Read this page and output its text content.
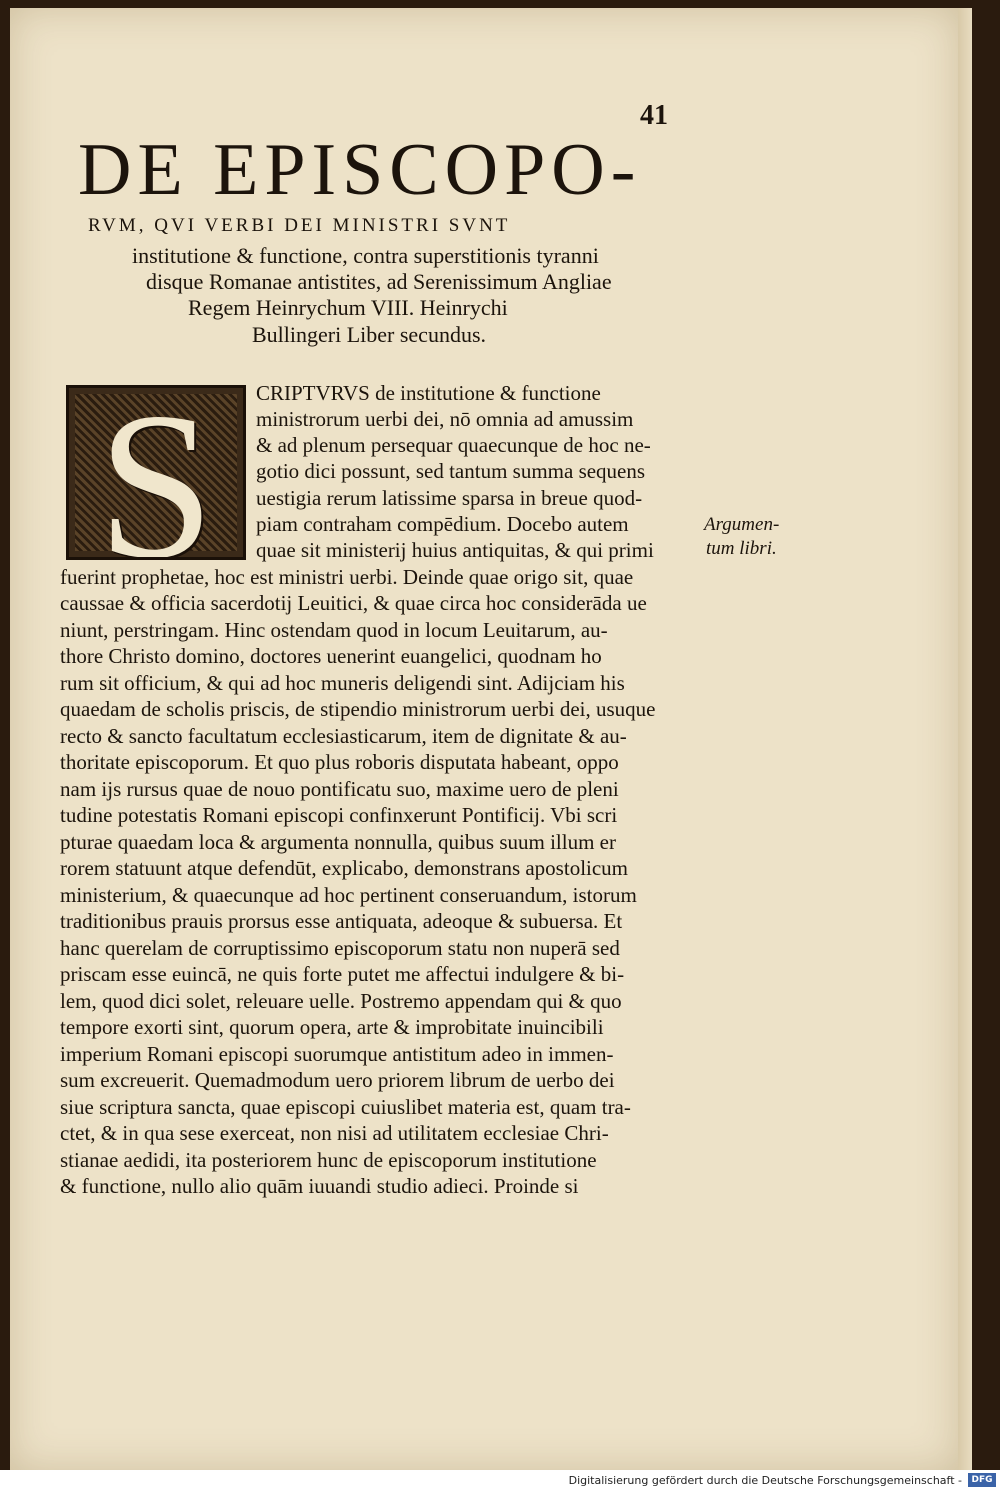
41
DE EPISCOPO-
RVM, QVI VERBI DEI MINISTRI SVNT
institutione & functione, contra superstitionis tyranni
disque Romanae antistites, ad Serenissimum Angliae
Regem Heinrychum VIII. Heinrychi
Bullingeri Liber secundus.
S	CRIPTVRVS de institutione & functione
ministrorum uerbi dei, nō omnia ad amussim
& ad plenum persequar quaecunque de hoc ne-
gotio dici possunt, sed tantum summa sequens
uestigia rerum latissime sparsa in breue quod-
piam contraham compēdium. Docebo autem
quae sit ministerij huius antiquitas, & qui primi
fuerint prophetae, hoc est ministri uerbi. Deinde quae origo sit, quae
caussae & officia sacerdotij Leuitici, & quae circa hoc considerāda ue
niunt, perstringam. Hinc ostendam quod in locum Leuitarum, au-
thore Christo domino, doctores uenerint euangelici, quodnam ho
rum sit officium, & qui ad hoc muneris deligendi sint. Adijciam his
quaedam de scholis priscis, de stipendio ministrorum uerbi dei, usuque
recto & sancto facultatum ecclesiasticarum, item de dignitate & au-
thoritate episcoporum. Et quo plus roboris disputata habeant, oppo
nam ijs rursus quae de nouo pontificatu suo, maxime uero de pleni
tudine potestatis Romani episcopi confinxerunt Pontificij. Vbi scri
pturae quaedam loca & argumenta nonnulla, quibus suum illum er
rorem statuunt atque defendūt, explicabo, demonstrans apostolicum
ministerium, & quaecunque ad hoc pertinent conseruandum, istorum
traditionibus prauis prorsus esse antiquata, adeoque & subuersa. Et
hanc querelam de corruptissimo episcoporum statu non nuperā sed
priscam esse euincā, ne quis forte putet me affectui indulgere & bi-
lem, quod dici solet, releuare uelle. Postremo appendam qui & quo
tempore exorti sint, quorum opera, arte & improbitate inuincibili
imperium Romani episcopi suorumque antistitum adeo in immen-
sum excreuerit. Quemadmodum uero priorem librum de uerbo dei
siue scriptura sancta, quae episcopi cuiuslibet materia est, quam tra-
ctet, & in qua sese exerceat, non nisi ad utilitatem ecclesiae Chri-
stianae aedidi, ita posteriorem hunc de episcoporum institutione
& functione, nullo alio quām iuuandi studio adieci. Proinde si
Argumen-
tum libri.
Digitalisierung gefördert durch die Deutsche Forschungsgemeinschaft -	DFG
